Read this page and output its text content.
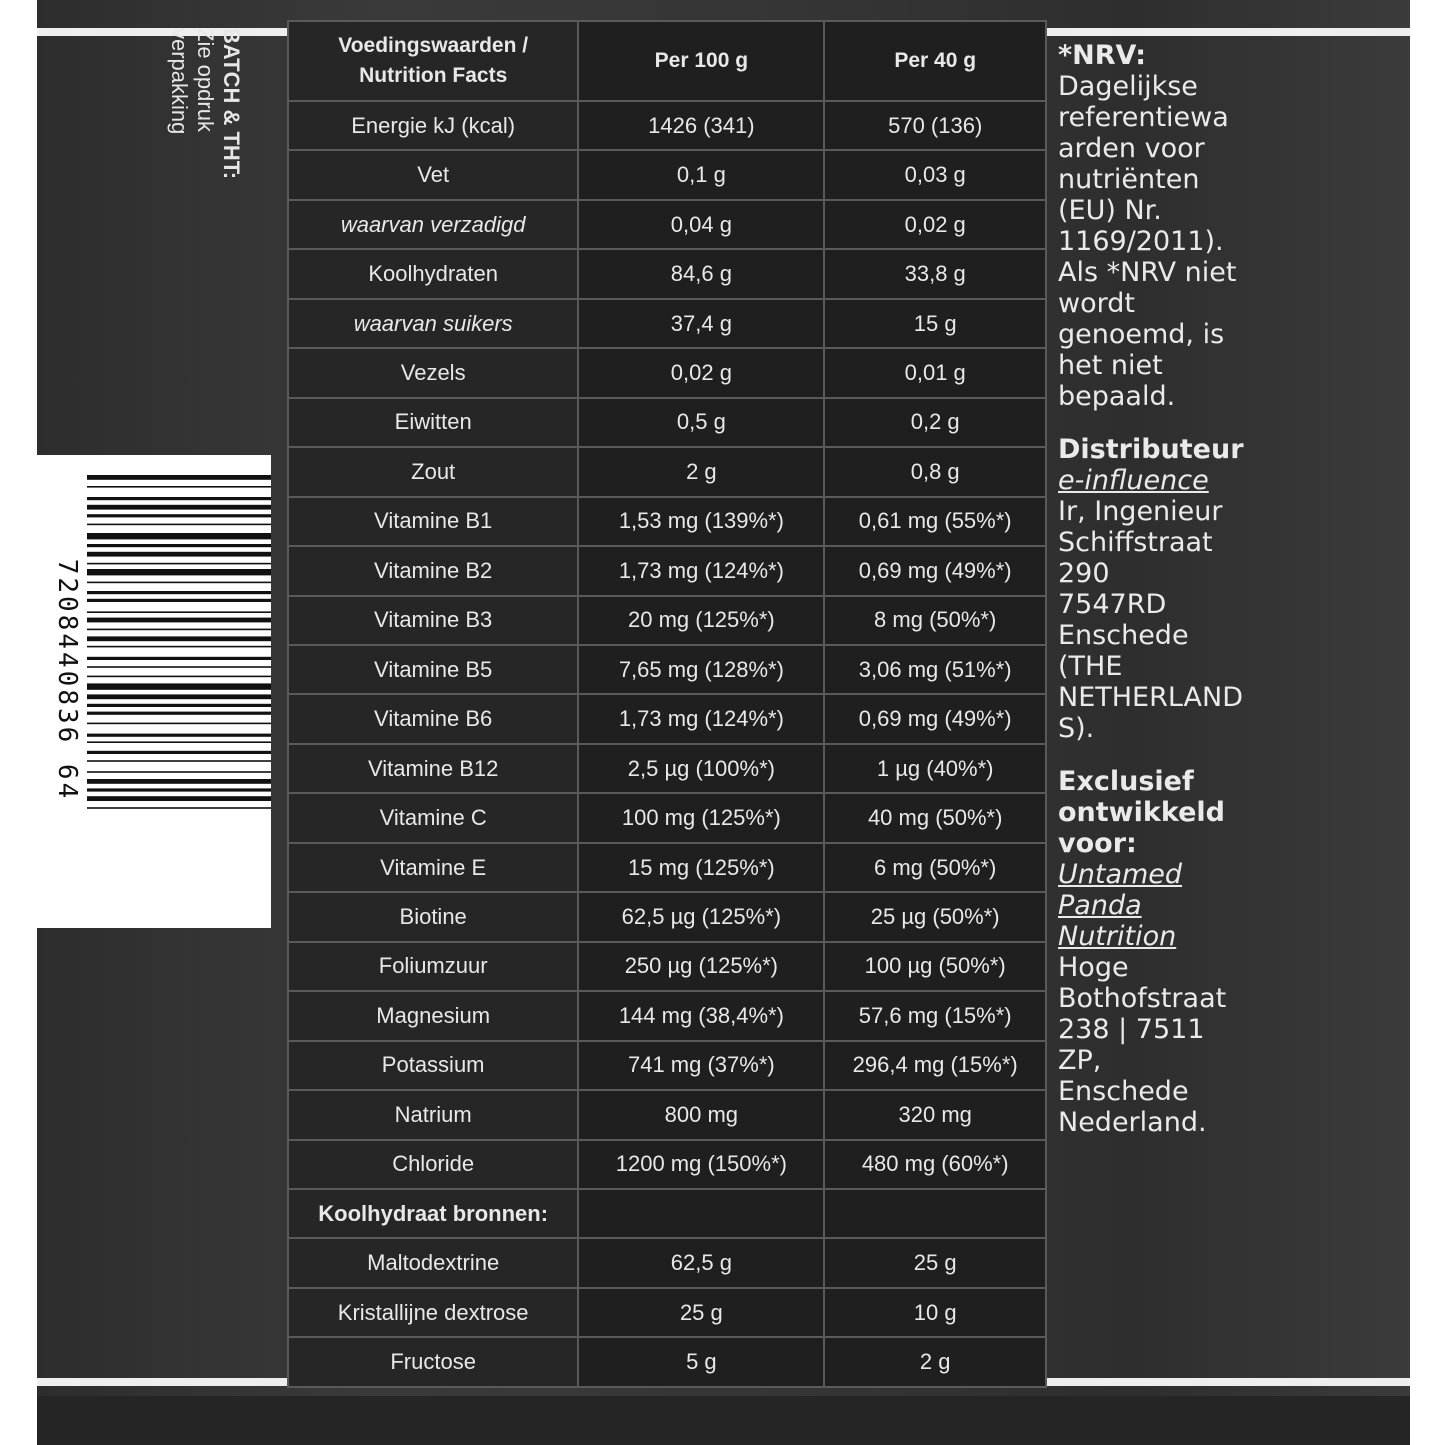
BATCH & THT:
Zie opdruk
verpakking
7208440836 64
Voedingswaarden /
Nutrition Facts	Per 100 g	Per 40 g
Energie kJ (kcal)	1426 (341)	570 (136)
Vet	0,1 g	0,03 g
waarvan verzadigd	0,04 g	0,02 g
Koolhydraten	84,6 g	33,8 g
waarvan suikers	37,4 g	15 g
Vezels	0,02 g	0,01 g
Eiwitten	0,5 g	0,2 g
Zout	2 g	0,8 g
Vitamine B1	1,53 mg (139%*)	0,61 mg (55%*)
Vitamine B2	1,73 mg (124%*)	0,69 mg (49%*)
Vitamine B3	20 mg (125%*)	8 mg (50%*)
Vitamine B5	7,65 mg (128%*)	3,06 mg (51%*)
Vitamine B6	1,73 mg (124%*)	0,69 mg (49%*)
Vitamine B12	2,5 µg (100%*)	1 µg (40%*)
Vitamine C	100 mg (125%*)	40 mg (50%*)
Vitamine E	15 mg (125%*)	6 mg (50%*)
Biotine	62,5 µg (125%*)	25 µg (50%*)
Foliumzuur	250 µg (125%*)	100 µg (50%*)
Magnesium	144 mg (38,4%*)	57,6 mg (15%*)
Potassium	741 mg (37%*)	296,4 mg (15%*)
Natrium	800 mg	320 mg
Chloride	1200 mg (150%*)	480 mg (60%*)
Koolhydraat bronnen:		
Maltodextrine	62,5 g	25 g
Kristallijne dextrose	25 g	10 g
Fructose	5 g	2 g
*NRV:
Dagelijkse
referentiewa
arden voor
nutriënten
(EU) Nr.
1169/2011).
Als *NRV niet
wordt
genoemd, is
het niet
bepaald.
Distributeur
e-influence
Ir, Ingenieur
Schiffstraat
290
7547RD
Enschede
(THE
NETHERLAND
S).
Exclusief
ontwikkeld
voor:
Untamed
Panda
Nutrition
Hoge
Bothofstraat
238 | 7511 ZP,
Enschede
Nederland.
